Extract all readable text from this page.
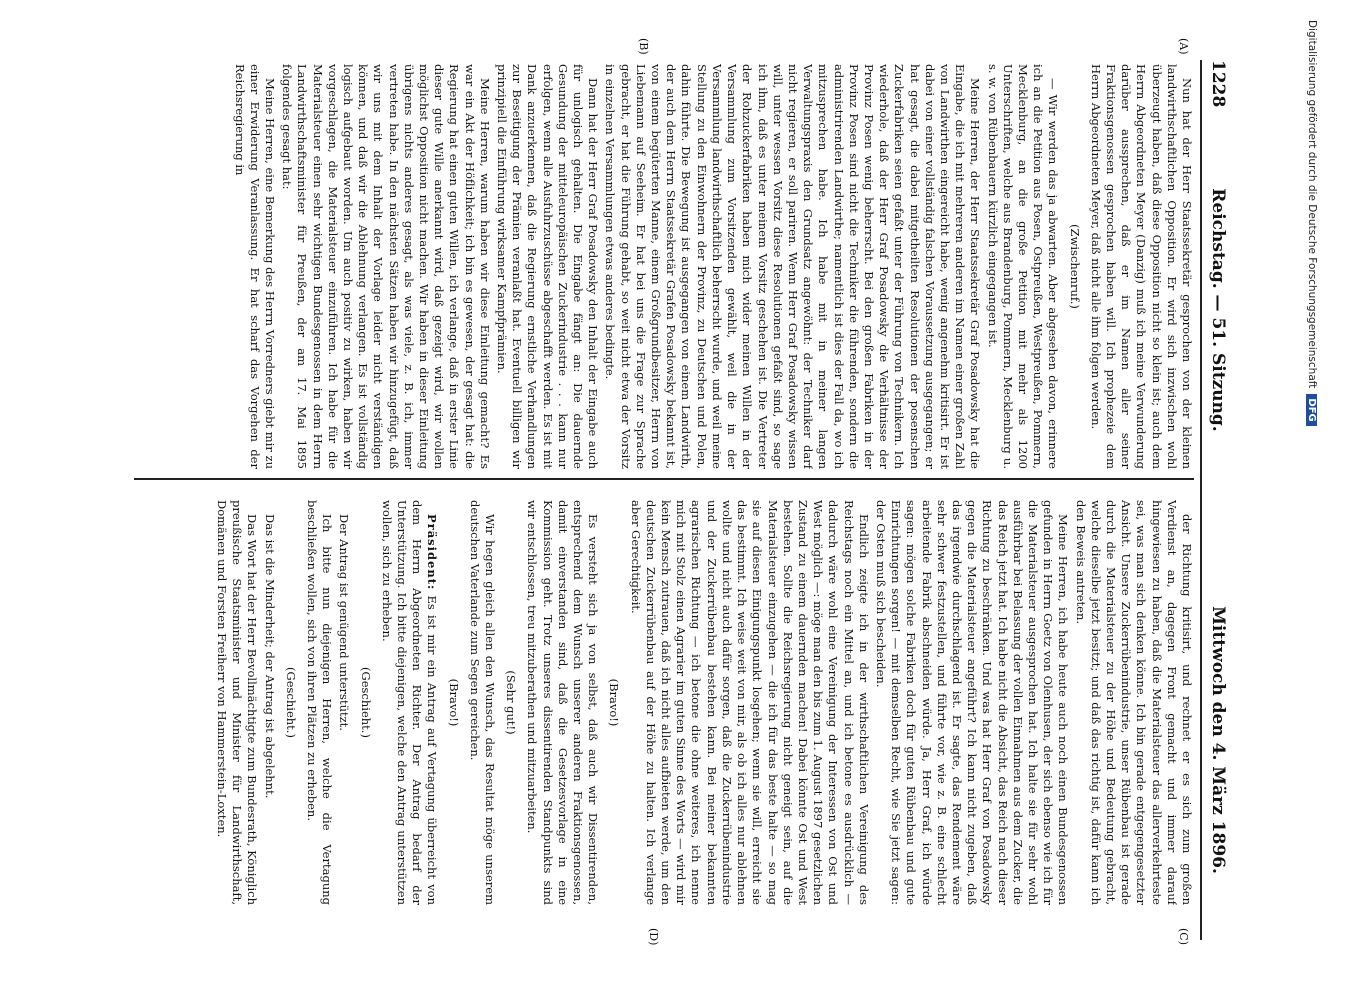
1228
Reichstag. — 51. Sitzung.
Mittwoch den 4. März 1896.
(A)
(B)
(C)
(D)

Nun hat der Herr Staatssekretär gesprochen von der kleinen landwirthschaftlichen Opposition. Er wird sich inzwischen wohl überzeugt haben, daß diese Opposition nicht so klein ist; auch dem Herrn Abgeordneten Meyer (Danzig) muß ich meine Verwunderung darüber aussprechen, daß er im Namen aller seiner Fraktionsgenossen gesprochen haben will. Ich prophezeie dem Herrn Abgeordneten Meyer, daß nicht alle ihm folgen werden.

(Zwischenruf.)

— Wir werden das ja abwarten. Aber abgesehen davon, erinnere ich an die Petition aus Posen, Ostpreußen, Westpreußen, Pommern, Mecklenburg, an die große Petition mit mehr als 1200 Unterschriften, welche aus Brandenburg, Pommern, Mecklenburg u. s. w. von Rübenbauern kürzlich eingegangen ist.

Meine Herren, der Herr Staatssekretär Graf Posadowsky hat die Eingabe, die ich mit mehreren anderen im Namen einer großen Zahl von Landwirthen eingereicht habe, wenig angenehm kritisirt. Er ist dabei von einer vollständig falschen Voraussetzung ausgegangen; er hat gesagt, die dabei mitgetheilten Resolutionen der posenschen Zuckerfabriken seien gefaßt unter der Führung von Technikern. Ich wiederhole, daß der Herr Graf Posadowsky die Verhältnisse der Provinz Posen wenig beherrscht. Bei den großen Fabriken in der Provinz Posen sind nicht die Techniker die führenden, sondern die administrirenden Landwirthe; namentlich ist dies der Fall da, wo ich mitzusprechen habe. Ich habe mit in meiner langen Verwaltungspraxis den Grundsatz angewöhnt: der Techniker darf nicht regieren, er soll pariren. Wenn Herr Graf Posadowsky wissen will, unter wessen Vorsitz diese Resolutionen gefaßt sind, so sage ich ihm, daß es unter meinem Vorsitz geschehen ist. Die Vertreter der Rohzuckerfabriken haben mich wider meinen Willen in der Versammlung zum Vorsitzenden gewählt, weil die in der Versammlung landwirthschaftlich beherrscht wurde, und weil meine Stellung zu den Einwohnern der Provinz, zu Deutschen und Polen, dahin führte. Die Bewegung ist ausgegangen von einem Landwirth, der auch dem Herrn Staatssekretär Grafen Posadowsky bekannt ist, von einem begüterten Manne, einem Großgrundbesitzer, Herrn von Liebemann auf Seeheim. Er hat bei uns die Frage zur Sprache gebracht, er hat die Führung gehabt, so weit nicht etwa der Vorsitz in einzelnen Versammlungen etwas anderes bedingte.

Dann hat der Herr Graf Posadowsky den Inhalt der Eingabe auch für unlogisch gehalten. Die Eingabe fängt an: Die dauernde Gesundung der mitteleuropäischen Zuckerindustrie . . . kann nur erfolgen, wenn alle Ausfuhrzuschüsse abgeschafft werden. Es ist mit Dank anzuerkennen, daß die Regierung ernstliche Verhandlungen zur Beseitigung der Prämien veranlaßt hat. Eventuell billigen wir prinzipiell die Einführung wirksamer Kampfprämien.

Meine Herren, warum haben wir diese Einleitung gemacht? Es war ein Akt der Höflichkeit; ich bin es gewesen, der gesagt hat: die Regierung hat einen guten Willen, ich verlange, daß in erster Linie dieser gute Wille anerkannt wird, daß gezeigt wird, wir wollen möglichst Opposition nicht machen. Wir haben in dieser Einleitung übrigens nichts anderes gesagt, als was viele, z. B. ich, immer vertreten habe. In den nächsten Sätzen haben wir hinzugefügt, daß wir uns mit dem Inhalt der Vorlage leider nicht verständigen können, und daß wir die Ablehnung verlangen. Es ist vollständig logisch aufgebaut worden. Um auch positiv zu wirken, haben wir vorgeschlagen, die Materialsteuer einzuführen. Ich habe für die Materialsteuer einen sehr wichtigen Bundesgenossen in dem Herrn Landwirthschaftsminister für Preußen, der am 17. Mai 1895 folgendes gesagt hat:

Meine Herren, eine Bemerkung des Herrn Vorredners giebt mir zu einer Erwiderung Veranlassung. Er hat scharf das Vorgehen der Reichsregierung in

der Richtung kritisirt, und rechnet er es sich zum großen Verdienst an, dagegen Front gemacht und immer darauf hingewiesen zu haben, daß die Materialsteuer das allerverkehrteste sei, was man sich denken könne. Ich bin gerade entgegengesetzter Ansicht. Unsere Zuckerrübenindustrie, unser Rübenbau ist gerade durch die Materialsteuer zu der Höhe und Bedeutung gebracht, welche dieselbe jetzt besitzt; und daß das richtig ist, dafür kann ich den Beweis antreten.

Meine Herren, ich habe heute auch noch einen Bundesgenossen gefunden in Herrn Goetz von Olenhusen, der sich ebenso wie ich für die Materialsteuer ausgesprochen hat. Ich halte sie für sehr wohl ausführbar bei Belassung der vollen Einnahmen aus dem Zucker, die das Reich jetzt hat. Ich habe nicht die Absicht, das Reich nach dieser Richtung zu beschränken. Und was hat Herr Graf von Posadowsky gegen die Materialsteuer angeführt? Ich kann nicht zugeben, daß das irgendwie durchschlagend ist. Er sagte, das Rendement wäre sehr schwer festzustellen, und führte vor, wie z. B. eine schlecht arbeitende Fabrik abschneiden würde. Ja, Herr Graf, ich würde sagen: mögen solche Fabriken doch für guten Rübenbau und gute Einrichtungen sorgen! — mit demselben Recht, wie Sie jetzt sagen: der Osten muß sich bescheiden.

Endlich zeigte ich in der wirthschaftlichen Vereinigung des Reichstags noch ein Mittel an, und ich betone es ausdrücklich — dadurch wäre wohl eine Vereinigung der Interessen von Ost und West möglich —: möge man den bis zum 1. August 1897 gesetzlichen Zustand zu einem dauernden machen! Dabei könnte Ost und West bestehen. Sollte die Reichsregierung nicht geneigt sein, auf die Materialsteuer einzugehen — die ich für das beste halte — so mag sie auf diesen Einigungspunkt losgehen; wenn sie will, erreicht sie das bestimmt. Ich weise weit von mir, als ob ich alles nur ablehnen wollte und nicht auch dafür sorgen, daß die Zuckerrübenindustrie und der Zuckerrübenbau bestehen kann. Bei meiner bekannten agrarischen Richtung — ich betone die ohne weiteres, ich nenne mich mit Stolz einen Agrarier im guten Sinne des Worts — wird mir kein Mensch zutrauen, daß ich nicht alles aufbieten werde, um den deutschen Zuckerrübenbau auf der Höhe zu halten. Ich verlange aber Gerechtigkeit.

(Bravo!)

Es versteht sich ja von selbst, daß auch wir Dissentirenden, entsprechend dem Wunsch unserer anderen Fraktionsgenossen, damit einverstanden sind, daß die Gesetzesvorlage in eine Kommission geht. Trotz unseres dissentirenden Standpunkts sind wir entschlossen, treu mitzuberathen und mitzuarbeiten.

(Sehr gut!)

Wir hegen gleich allen den Wunsch, das Resultat möge unserem deutschen Vaterlande zum Segen gereichen.

(Bravo!)

Präsident: Es ist mir ein Antrag auf Vertagung überreicht von dem Herrn Abgeordneten Richter. Der Antrag bedarf der Unterstützung. Ich bitte diejenigen, welche den Antrag unterstützen wollen, sich zu erheben.

(Geschieht.)

Der Antrag ist genügend unterstützt.

Ich bitte nun diejenigen Herren, welche die Vertagung beschließen wollen, sich von ihren Plätzen zu erheben.

(Geschieht.)

Das ist die Minderheit; der Antrag ist abgelehnt.

Das Wort hat der Herr Bevollmächtigte zum Bundesrath, Königlich preußische Staatsminister und Minister für Landwirthschaft, Domänen und Forsten Freiherr von Hammerstein-Loxten.

Digitalisierung gefördert durch die Deutsche ForschungsgemeinschaftDFG
